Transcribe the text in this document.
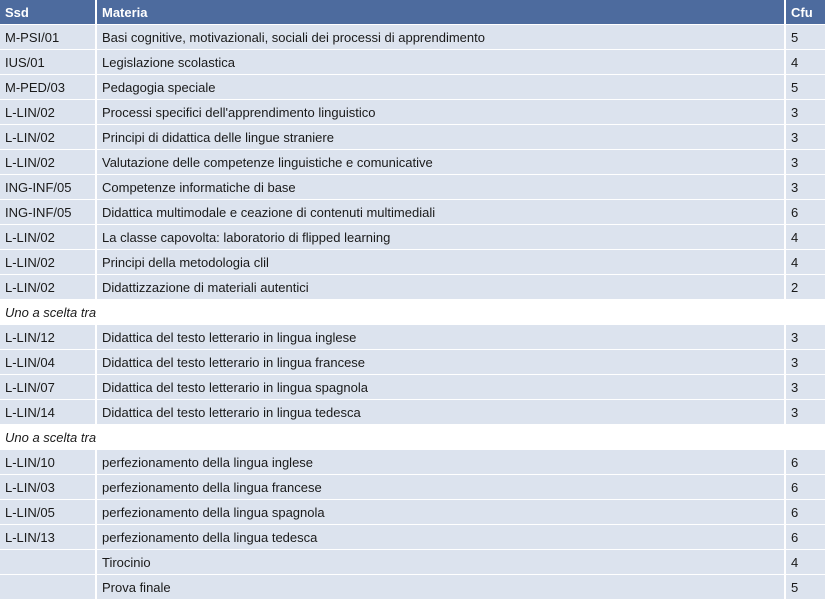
Ssd	Materia	Cfu
M-PSI/01	Basi cognitive, motivazionali, sociali dei processi di apprendimento	5
IUS/01	Legislazione scolastica	4
M-PED/03	Pedagogia speciale	5
L-LIN/02	Processi specifici dell'apprendimento linguistico	3
L-LIN/02	Principi di didattica delle lingue straniere	3
L-LIN/02	Valutazione delle competenze linguistiche e comunicative	3
ING-INF/05	Competenze informatiche di base	3
ING-INF/05	Didattica multimodale e ceazione di contenuti multimediali	6
L-LIN/02	La classe capovolta: laboratorio di flipped learning	4
L-LIN/02	Principi della metodologia clil	4
L-LIN/02	Didattizzazione di materiali autentici	2
Uno a scelta tra		
L-LIN/12	Didattica del testo letterario in lingua inglese	3
L-LIN/04	Didattica del testo letterario in lingua francese	3
L-LIN/07	Didattica del testo letterario in lingua spagnola	3
L-LIN/14	Didattica del testo letterario in lingua tedesca	3
Uno a scelta tra		
L-LIN/10	perfezionamento della lingua inglese	6
L-LIN/03	perfezionamento della lingua francese	6
L-LIN/05	perfezionamento della lingua spagnola	6
L-LIN/13	perfezionamento della lingua tedesca	6
	Tirocinio	4
	Prova finale	5
